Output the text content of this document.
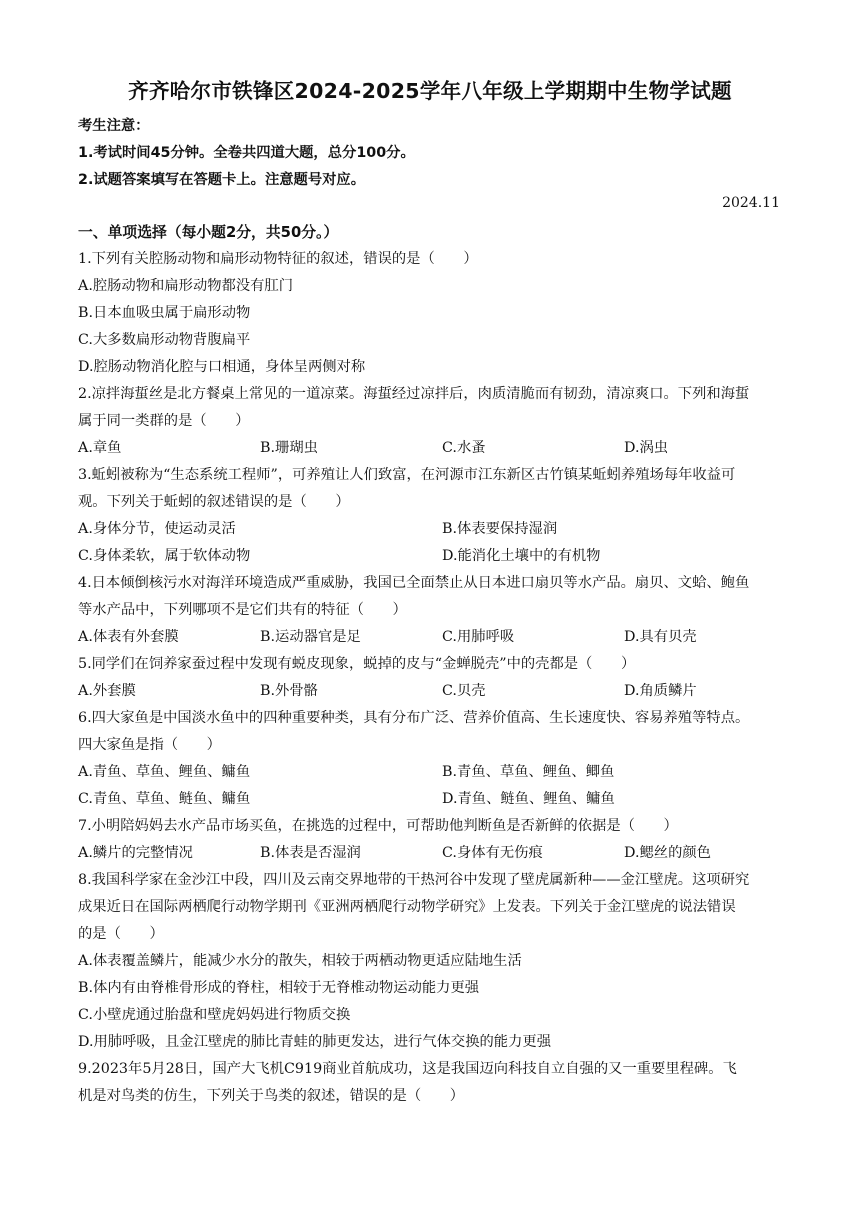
齐齐哈尔市铁锋区2024-2025学年八年级上学期期中生物学试题
考生注意：
1.考试时间45分钟。全卷共四道大题，总分100分。
2.试题答案填写在答题卡上。注意题号对应。
2024.11
一、单项选择（每小题2分，共50分。）
1.下列有关腔肠动物和扁形动物特征的叙述，错误的是（　　）
A.腔肠动物和扁形动物都没有肛门
B.日本血吸虫属于扁形动物
C.大多数扁形动物背腹扁平
D.腔肠动物消化腔与口相通，身体呈两侧对称
2.凉拌海蜇丝是北方餐桌上常见的一道凉菜。海蜇经过凉拌后，肉质清脆而有韧劲，清凉爽口。下列和海蜇
属于同一类群的是（　　）
A.章鱼	B.珊瑚虫	C.水蚤	D.涡虫
3.蚯蚓被称为“生态系统工程师”，可养殖让人们致富，在河源市江东新区古竹镇某蚯蚓养殖场每年收益可
观。下列关于蚯蚓的叙述错误的是（　　）
A.身体分节，使运动灵活	B.体表要保持湿润
C.身体柔软，属于软体动物	D.能消化土壤中的有机物
4.日本倾倒核污水对海洋环境造成严重威胁，我国已全面禁止从日本进口扇贝等水产品。扇贝、文蛤、鲍鱼
等水产品中，下列哪项不是它们共有的特征（　　）
A.体表有外套膜	B.运动器官是足	C.用肺呼吸	D.具有贝壳
5.同学们在饲养家蚕过程中发现有蜕皮现象，蜕掉的皮与“金蝉脱壳”中的壳都是（　　）
A.外套膜	B.外骨骼	C.贝壳	D.角质鳞片
6.四大家鱼是中国淡水鱼中的四种重要种类，具有分布广泛、营养价值高、生长速度快、容易养殖等特点。
四大家鱼是指（　　）
A.青鱼、草鱼、鲤鱼、鳙鱼	B.青鱼、草鱼、鲤鱼、鲫鱼
C.青鱼、草鱼、鲢鱼、鳙鱼	D.青鱼、鲢鱼、鲤鱼、鳙鱼
7.小明陪妈妈去水产品市场买鱼，在挑选的过程中，可帮助他判断鱼是否新鲜的依据是（　　）
A.鳞片的完整情况	B.体表是否湿润	C.身体有无伤痕	D.鳃丝的颜色
8.我国科学家在金沙江中段，四川及云南交界地带的干热河谷中发现了壁虎属新种——金江壁虎。这项研究
成果近日在国际两栖爬行动物学期刊《亚洲两栖爬行动物学研究》上发表。下列关于金江壁虎的说法错误
的是（　　）
A.体表覆盖鳞片，能减少水分的散失，相较于两栖动物更适应陆地生活
B.体内有由脊椎骨形成的脊柱，相较于无脊椎动物运动能力更强
C.小壁虎通过胎盘和壁虎妈妈进行物质交换
D.用肺呼吸，且金江壁虎的肺比青蛙的肺更发达，进行气体交换的能力更强
9.2023年5月28日，国产大飞机C919商业首航成功，这是我国迈向科技自立自强的又一重要里程碑。飞
机是对鸟类的仿生，下列关于鸟类的叙述，错误的是（　　）
